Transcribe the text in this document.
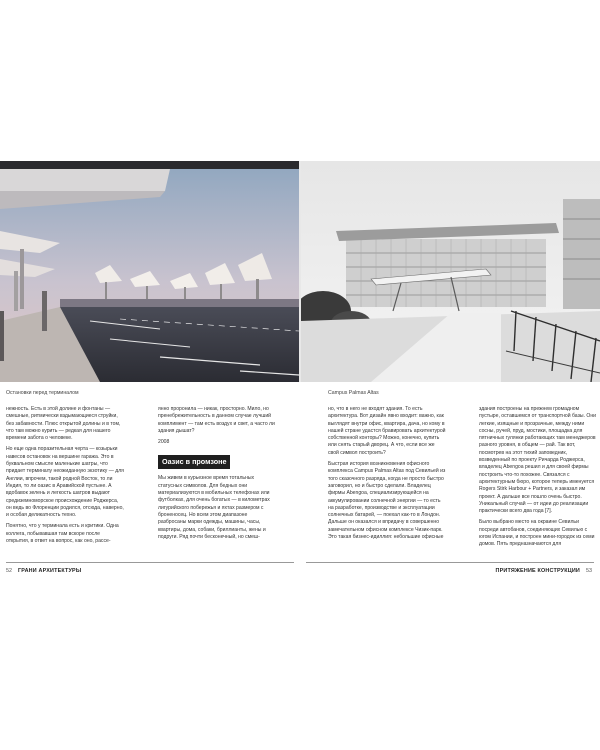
Остановки перед терминалом	Campus Palmas Altas

нежность. Есть в этой долине и фонтаны — смешные, ритмически вздымающиеся струйки, без забавности. Плюс открытой долины и в том, что там можно курить — редкая для нашего времени забота о человеке.

Но еще одна поразительная черта — козырьки навесов остановок на вершине гаража. Это в буквальном смысле маленькие шатры, что придает терминалу неожиданную экзотику — для Англии, впрочем, такой родной Восток, то ли Индия, то ли оазис в Аравийской пустыне. А вдобавок зелень и легкость шатров выдают средиземноморское происхождение Роджерса, он ведь во Флоренции родился, отсюда, наверно, и особая деликатность техно.

Понятно, что у терминала есть и критики. Одна коллега, побывавшая там вскоре после открытия, в ответ на вопрос, как оно, рассе-

янно проронила — никак, просторно. Мило, но пренебрежительность в данном случае лучший комплимент — там есть воздух и свет, а часто ли здания дышат?

2008

Оазис в промзоне

Мы живем в курьезное время тотальных статусных символов. Для бедных они материализуются в мобильных телефонах или футболках, для очень богатых — в километрах лигурийского побережья и яхтах размером с броненосец. Но всем этом диапазоне разбросаны марки одежды, машины, часы, квартиры, дома, собаки, бриллианты, жены и подруги. Ряд почти бесконечный, но смеш-

но, что в него не входят здания. То есть архитектура. Вот дизайн явно входит: важно, как выглядят внутри офис, квартира, дача, но кому в нашей стране удастся бравировать архитектурой собственной конторы? Можно, конечно, купить или снять старый дворец. А что, если все же свой символ построить?

Быстрая история возникновения офисного комплекса Campus Palmas Altas под Севильей из того сказочного разряда, когда не просто быстро заговорил, но и быстро сделали. Владелец фирмы Abengoa, специализирующейся на аккумулировании солнечной энергии — то есть на разработке, производстве и эксплуатации солнечных батарей, — поехал как-то в Лондон. Дальше он оказался и впридачу в совершенно замечательном офисном комплексе Чизик-парк. Это такая бизнес-идиллия: небольшие офисные

здания построены на прежнем громадном пустыре, оставшемся от транспортной базы. Они легкие, изящные и прозрачные, между ними сосны, ручей, пруд, мостики, площадка для пятничных гулянки работающих там менеджеров разного уровня, в общем — рай. Так вот, посмотрев на этот тихий заповедник, возведенный по проекту Ричарда Роджерса, владелец Abengoa решил и для своей фирмы построить что-то похожее. Связался с архитектурным бюро, которое теперь именуется Rogers Stirk Harbour + Partners, и заказал им проект. А дальше все пошло очень быстро. Уникальный случай — от идеи до реализации практически всего два года [7].

Было выбрано место на окраине Севильи посреди автобанов, соединяющих Севилью с югом Испании, и построен мини-городок из семи домов. Пять предназначаются для

52 ГРАНИ АРХИТЕКТУРЫ	ПРИТЯЖЕНИЕ КОНСТРУКЦИИ 53
